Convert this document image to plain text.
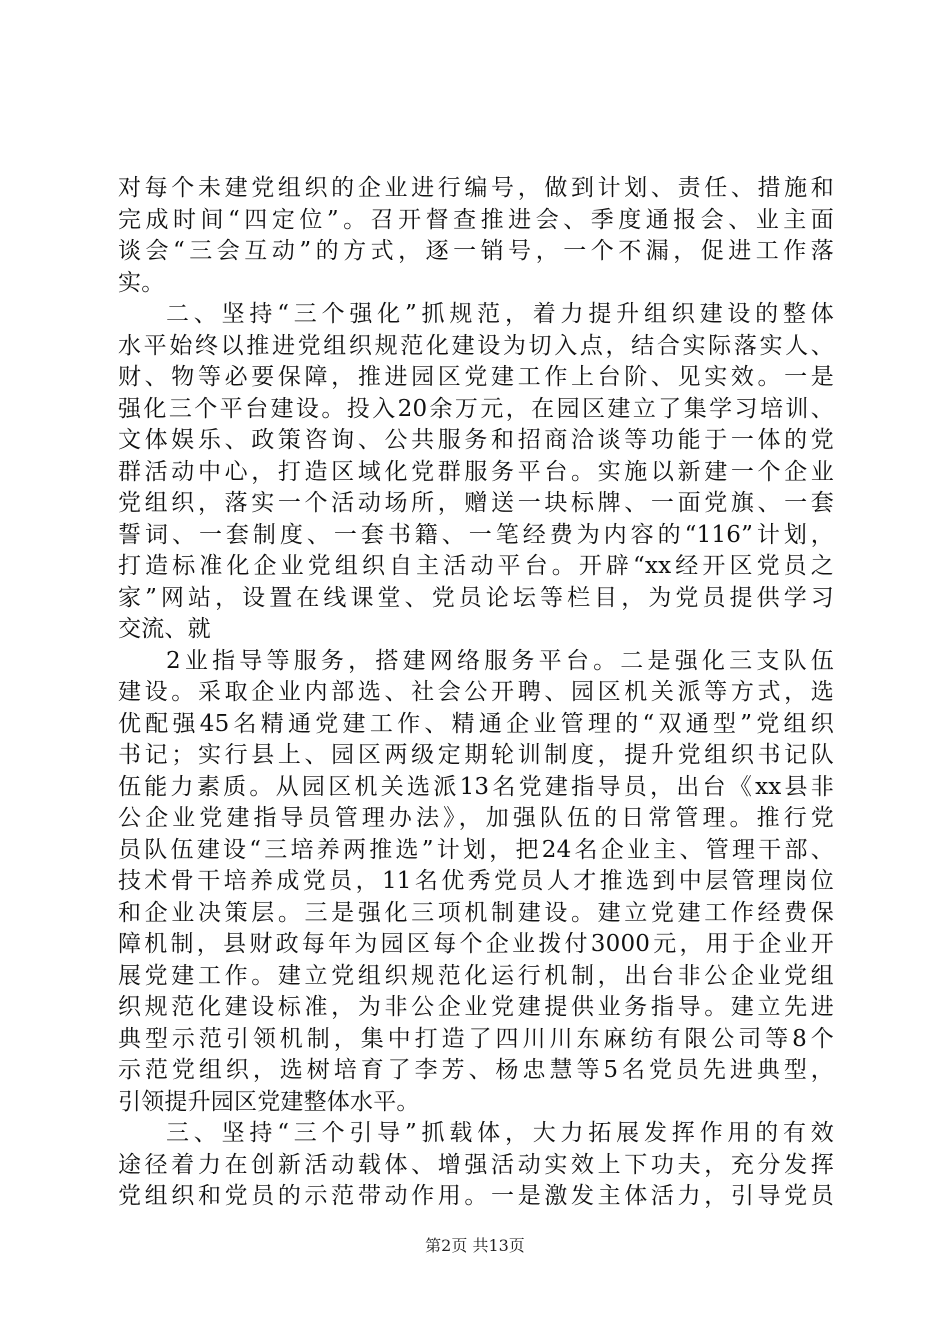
对每个未建党组织的企业进行编号，做到计划、责任、措施和
完成时间“四定位”。召开督查推进会、季度通报会、业主面
谈会“三会互动”的方式，逐一销号，一个不漏，促进工作落
实。
二、坚持“三个强化”抓规范，着力提升组织建设的整体
水平始终以推进党组织规范化建设为切入点，结合实际落实人、
财、物等必要保障，推进园区党建工作上台阶、见实效。一是
强化三个平台建设。投入20余万元，在园区建立了集学习培训、
文体娱乐、政策咨询、公共服务和招商洽谈等功能于一体的党
群活动中心，打造区域化党群服务平台。实施以新建一个企业
党组织，落实一个活动场所，赠送一块标牌、一面党旗、一套
誓词、一套制度、一套书籍、一笔经费为内容的“116”计划，
打造标准化企业党组织自主活动平台。开辟“xx经开区党员之
家”网站，设置在线课堂、党员论坛等栏目，为党员提供学习
交流、就
2业指导等服务，搭建网络服务平台。二是强化三支队伍
建设。采取企业内部选、社会公开聘、园区机关派等方式，选
优配强45名精通党建工作、精通企业管理的“双通型”党组织
书记；实行县上、园区两级定期轮训制度，提升党组织书记队
伍能力素质。从园区机关选派13名党建指导员，出台《xx县非
公企业党建指导员管理办法》，加强队伍的日常管理。推行党
员队伍建设“三培养两推选”计划，把24名企业主、管理干部、
技术骨干培养成党员，11名优秀党员人才推选到中层管理岗位
和企业决策层。三是强化三项机制建设。建立党建工作经费保
障机制，县财政每年为园区每个企业拨付3000元，用于企业开
展党建工作。建立党组织规范化运行机制，出台非公企业党组
织规范化建设标准，为非公企业党建提供业务指导。建立先进
典型示范引领机制，集中打造了四川川东麻纺有限公司等8个
示范党组织，选树培育了李芳、杨忠慧等5名党员先进典型，
引领提升园区党建整体水平。
三、坚持“三个引导”抓载体，大力拓展发挥作用的有效
途径着力在创新活动载体、增强活动实效上下功夫，充分发挥
党组织和党员的示范带动作用。一是激发主体活力，引导党员
第2页 共13页
